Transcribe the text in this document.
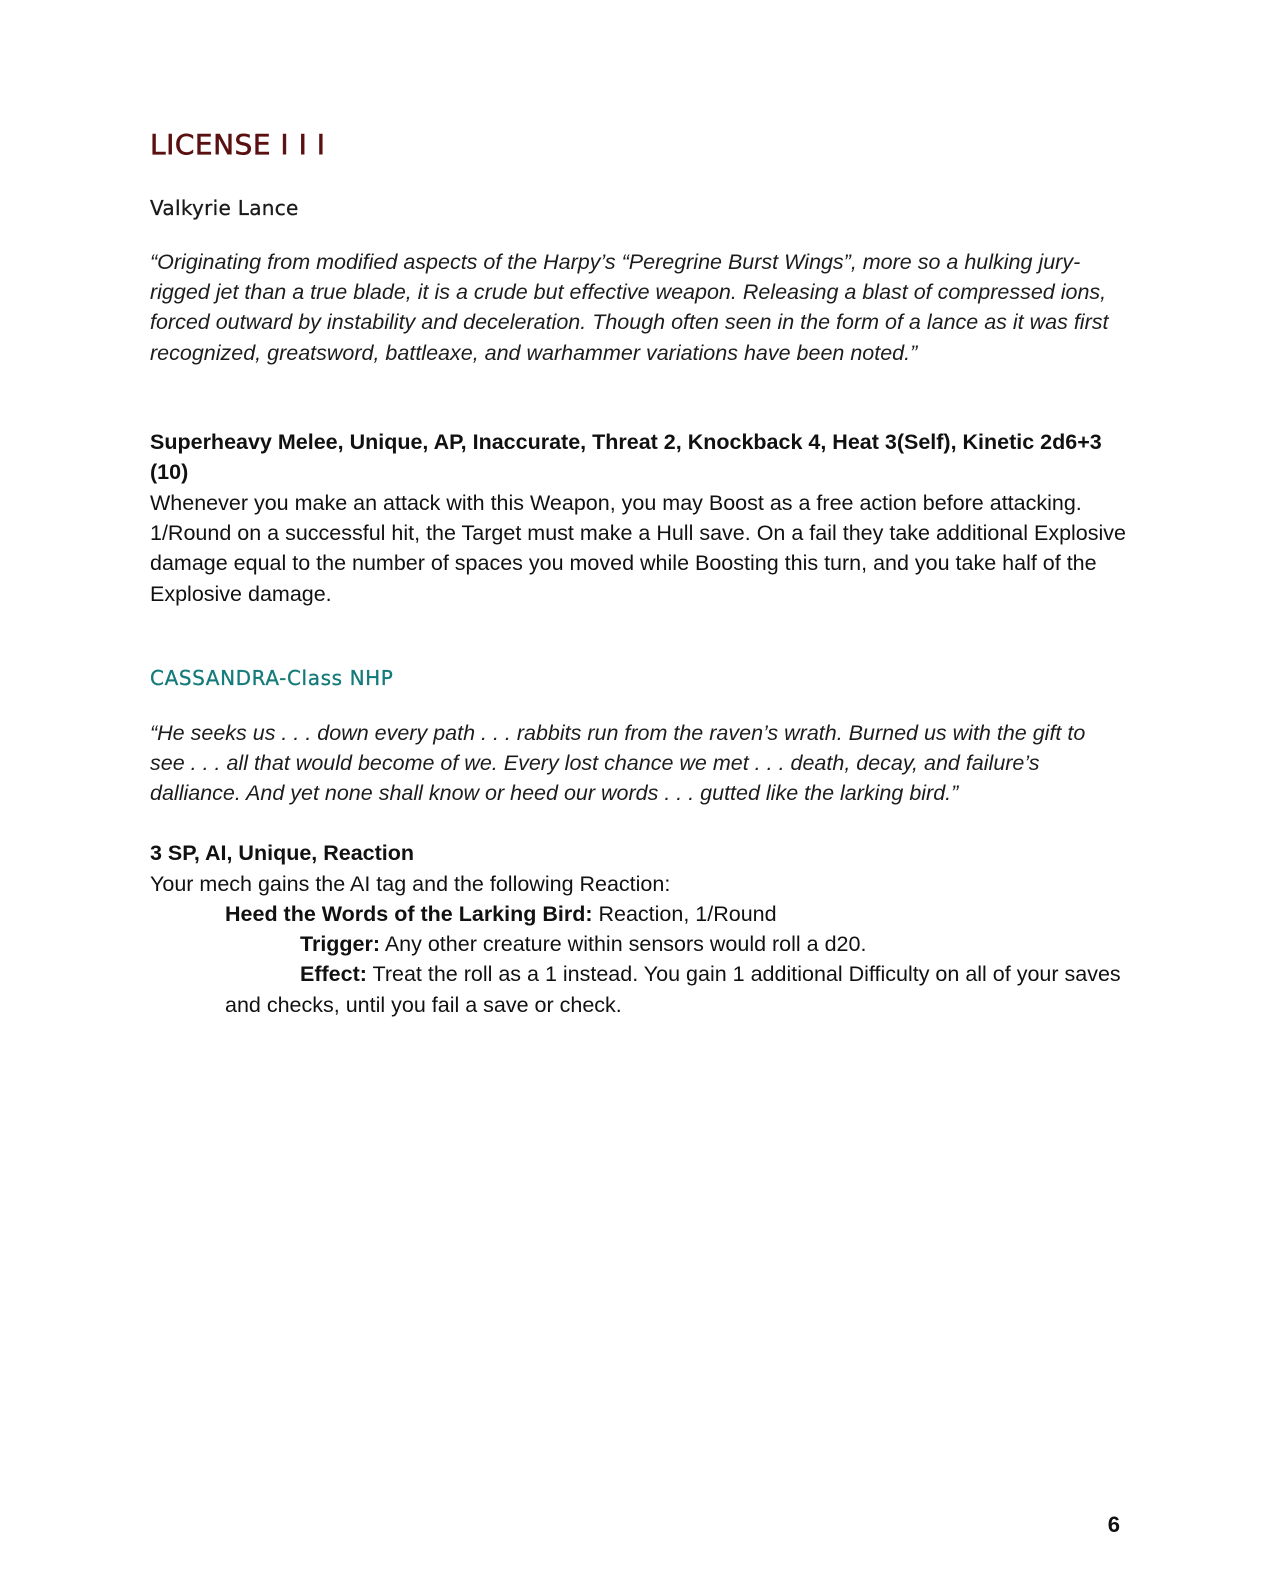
LICENSE I I I
Valkyrie Lance

“Originating from modified aspects of the Harpy’s “Peregrine Burst Wings”, more so a hulking jury-rigged jet than a true blade, it is a crude but effective weapon. Releasing a blast of compressed ions, forced outward by instability and deceleration. Though often seen in the form of a lance as it was first recognized, greatsword, battleaxe, and warhammer variations have been noted.”

Superheavy Melee, Unique, AP, Inaccurate, Threat 2, Knockback 4, Heat 3(Self), Kinetic 2d6+3 (10)

Whenever you make an attack with this Weapon, you may Boost as a free action before attacking. 1/Round on a successful hit, the Target must make a Hull save. On a fail they take additional Explosive damage equal to the number of spaces you moved while Boosting this turn, and you take half of the Explosive damage.

CASSANDRA-Class NHP

“He seeks us . . . down every path . . . rabbits run from the raven’s wrath. Burned us with the gift to see . . . all that would become of we. Every lost chance we met . . . death, decay, and failure’s dalliance. And yet none shall know or heed our words . . . gutted like the larking bird.”

3 SP, AI, Unique, Reaction

Your mech gains the AI tag and the following Reaction:

Heed the Words of the Larking Bird: Reaction, 1/Round
Trigger: Any other creature within sensors would roll a d20.
Effect: Treat the roll as a 1 instead. You gain 1 additional Difficulty on all of your saves and checks, until you fail a save or check.
6
